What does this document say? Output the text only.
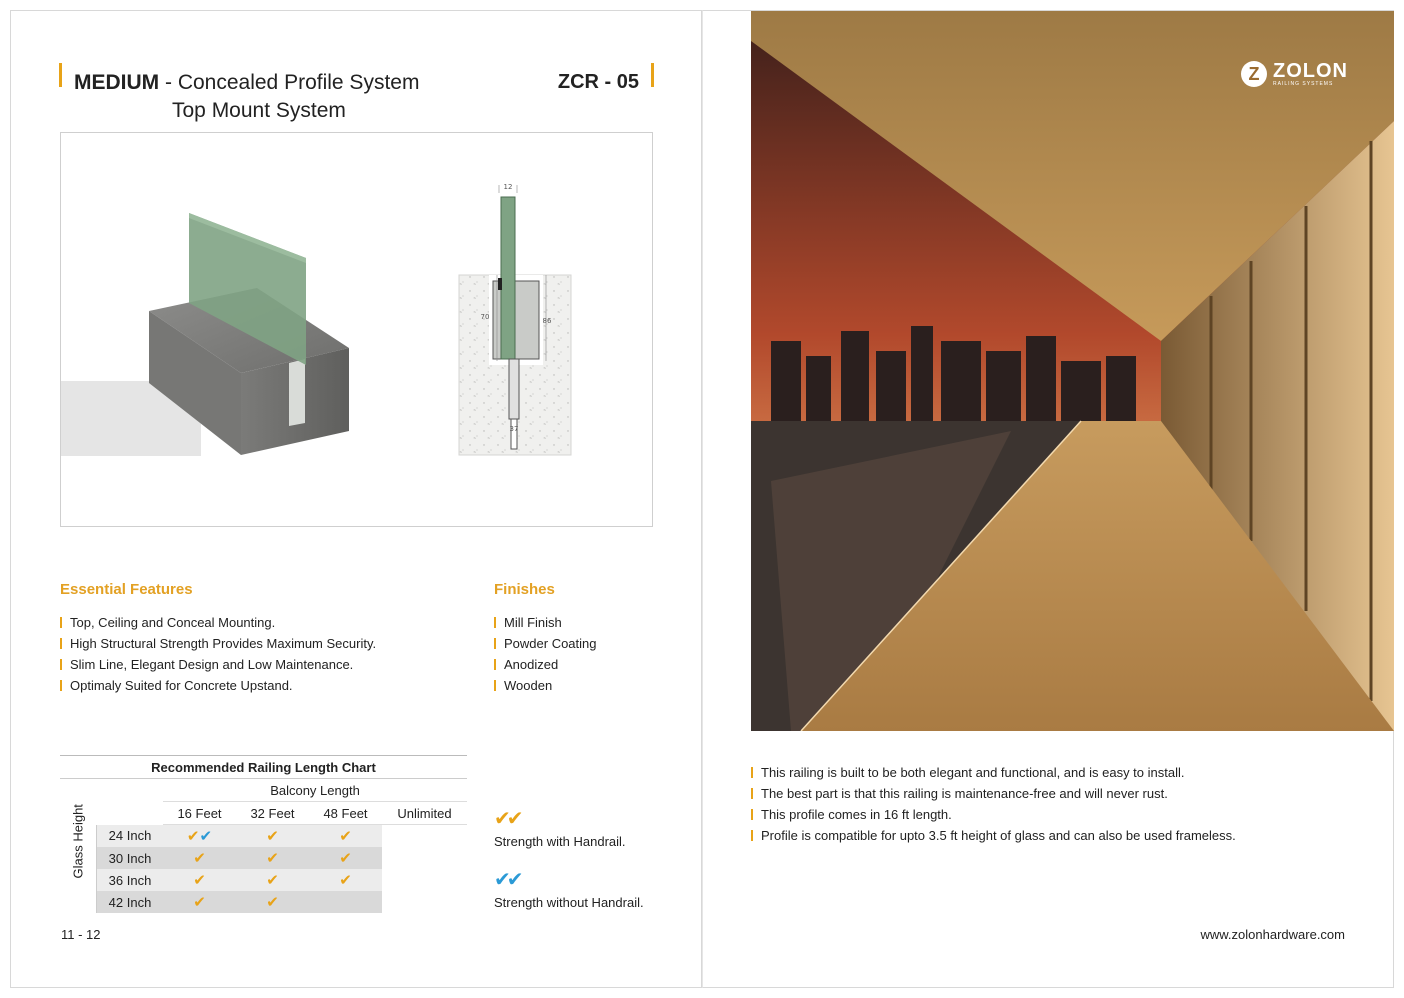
MEDIUM - Concealed Profile System
Top Mount System
ZCR - 05
12
70	86
37
Essential Features
Top, Ceiling and Conceal Mounting.
High Structural Strength Provides Maximum Security.
Slim Line, Elegant Design and Low Maintenance.
Optimaly Suited for Concrete Upstand.
Finishes
Mill Finish
Powder Coating
Anodized
Wooden
Recommended Railing Length Chart					
		Balcony Length			
		16 Feet	32 Feet	48 Feet	Unlimited

Glass Height	24 Inch	✔✔	✔	✔	
	30 Inch	✔	✔	✔	
	36 Inch	✔	✔	✔	
	42 Inch	✔	✔		
✔✔
Strength with Handrail.
✔✔
Strength without Handrail.
11 - 12
Z ZOLON
RAILING SYSTEMS
This railing is built to be both elegant and functional, and is easy to install.
The best part is that this railing is maintenance-free and will never rust.
This profile comes in 16 ft length.
Profile is compatible for upto 3.5 ft height of glass and can also be used frameless.
www.zolonhardware.com
